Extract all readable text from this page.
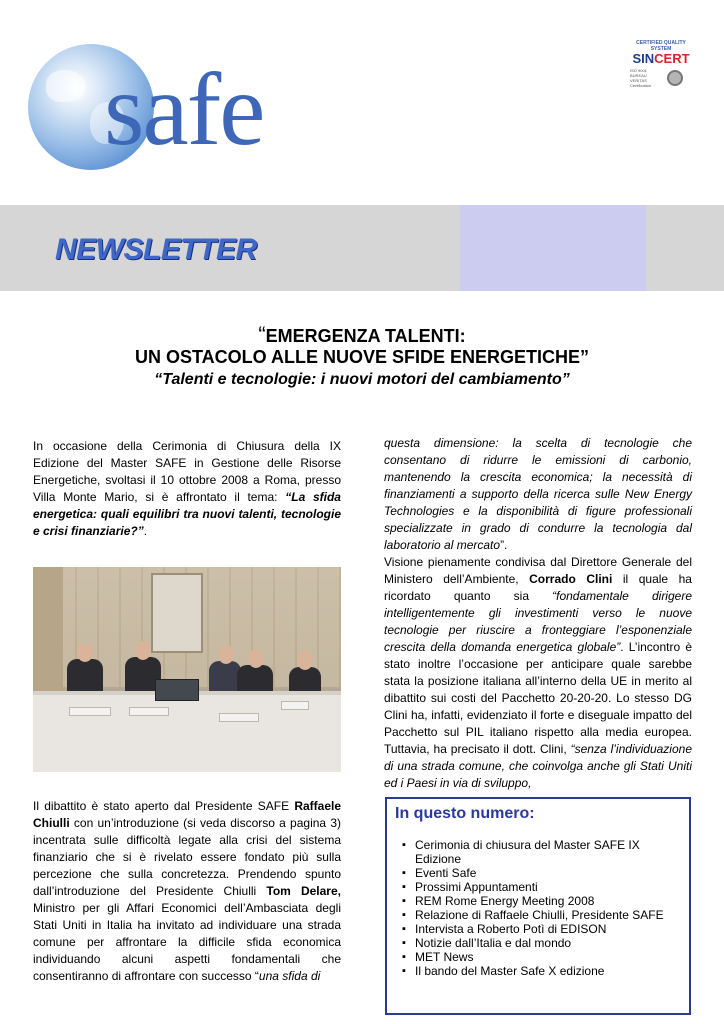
safe
CERTIFIED QUALITY SYSTEM
SINCERT
ISO 9001 BUREAU VERITAS Certification
NEWSLETTER
“EMERGENZA TALENTI:
UN OSTACOLO ALLE NUOVE SFIDE ENERGETICHE”
“Talenti e tecnologie: i nuovi motori del cambiamento”
In occasione della Cerimonia di Chiusura della IX Edizione del Master SAFE in Gestione delle Risorse Energetiche, svoltasi il 10 ottobre 2008 a Roma, presso Villa Monte Mario, si è affrontato il tema: “La sfida energetica: quali equilibri tra nuovi talenti, tecnologie e crisi finanziarie?”.
Il dibattito è stato aperto dal Presidente SAFE Raffaele Chiulli con un’introduzione (si veda discorso a pagina 3) incentrata sulle difficoltà legate alla crisi del sistema finanziario che si è rivelato essere fondato più sulla percezione che sulla concretezza. Prendendo spunto dall’introduzione del Presidente Chiulli Tom Delare, Ministro per gli Affari Economici dell’Ambasciata degli Stati Uniti in Italia ha invitato ad individuare una strada comune per affrontare la difficile sfida economica individuando alcuni aspetti fondamentali che consentiranno di affrontare con successo “una sfida di
questa dimensione: la scelta di tecnologie che consentano di ridurre le emissioni di carbonio, mantenendo la crescita economica; la necessità di finanziamenti a supporto della ricerca sulle New Energy Technologies e la disponibilità di figure professionali specializzate in grado di condurre la tecnologia dal laboratorio al mercato”.
Visione pienamente condivisa dal Direttore Generale del Ministero dell’Ambiente, Corrado Clini il quale ha ricordato quanto sia “fondamentale dirigere intelligentemente gli investimenti verso le nuove tecnologie per riuscire a fronteggiare l’esponenziale crescita della domanda energetica globale”. L’incontro è stato inoltre l’occasione per anticipare quale sarebbe stata la posizione italiana all’interno della UE in merito al dibattito sui costi del Pacchetto 20-20-20. Lo stesso DG Clini ha, infatti, evidenziato il forte e diseguale impatto del Pacchetto sul PIL italiano rispetto alla media europea. Tuttavia, ha precisato il dott. Clini, “senza l’individuazione di una strada comune, che coinvolga anche gli Stati Uniti ed i Paesi in via di sviluppo,
In questo numero:
▪ Cerimonia di chiusura del Master SAFE IX Edizione
▪ Eventi Safe
▪ Prossimi Appuntamenti
▪ REM Rome Energy Meeting 2008
▪ Relazione di Raffaele Chiulli, Presidente SAFE
▪ Intervista a Roberto Potì di EDISON
▪ Notizie dall’Italia e dal mondo
▪ MET News
▪ Il bando del Master Safe X edizione
